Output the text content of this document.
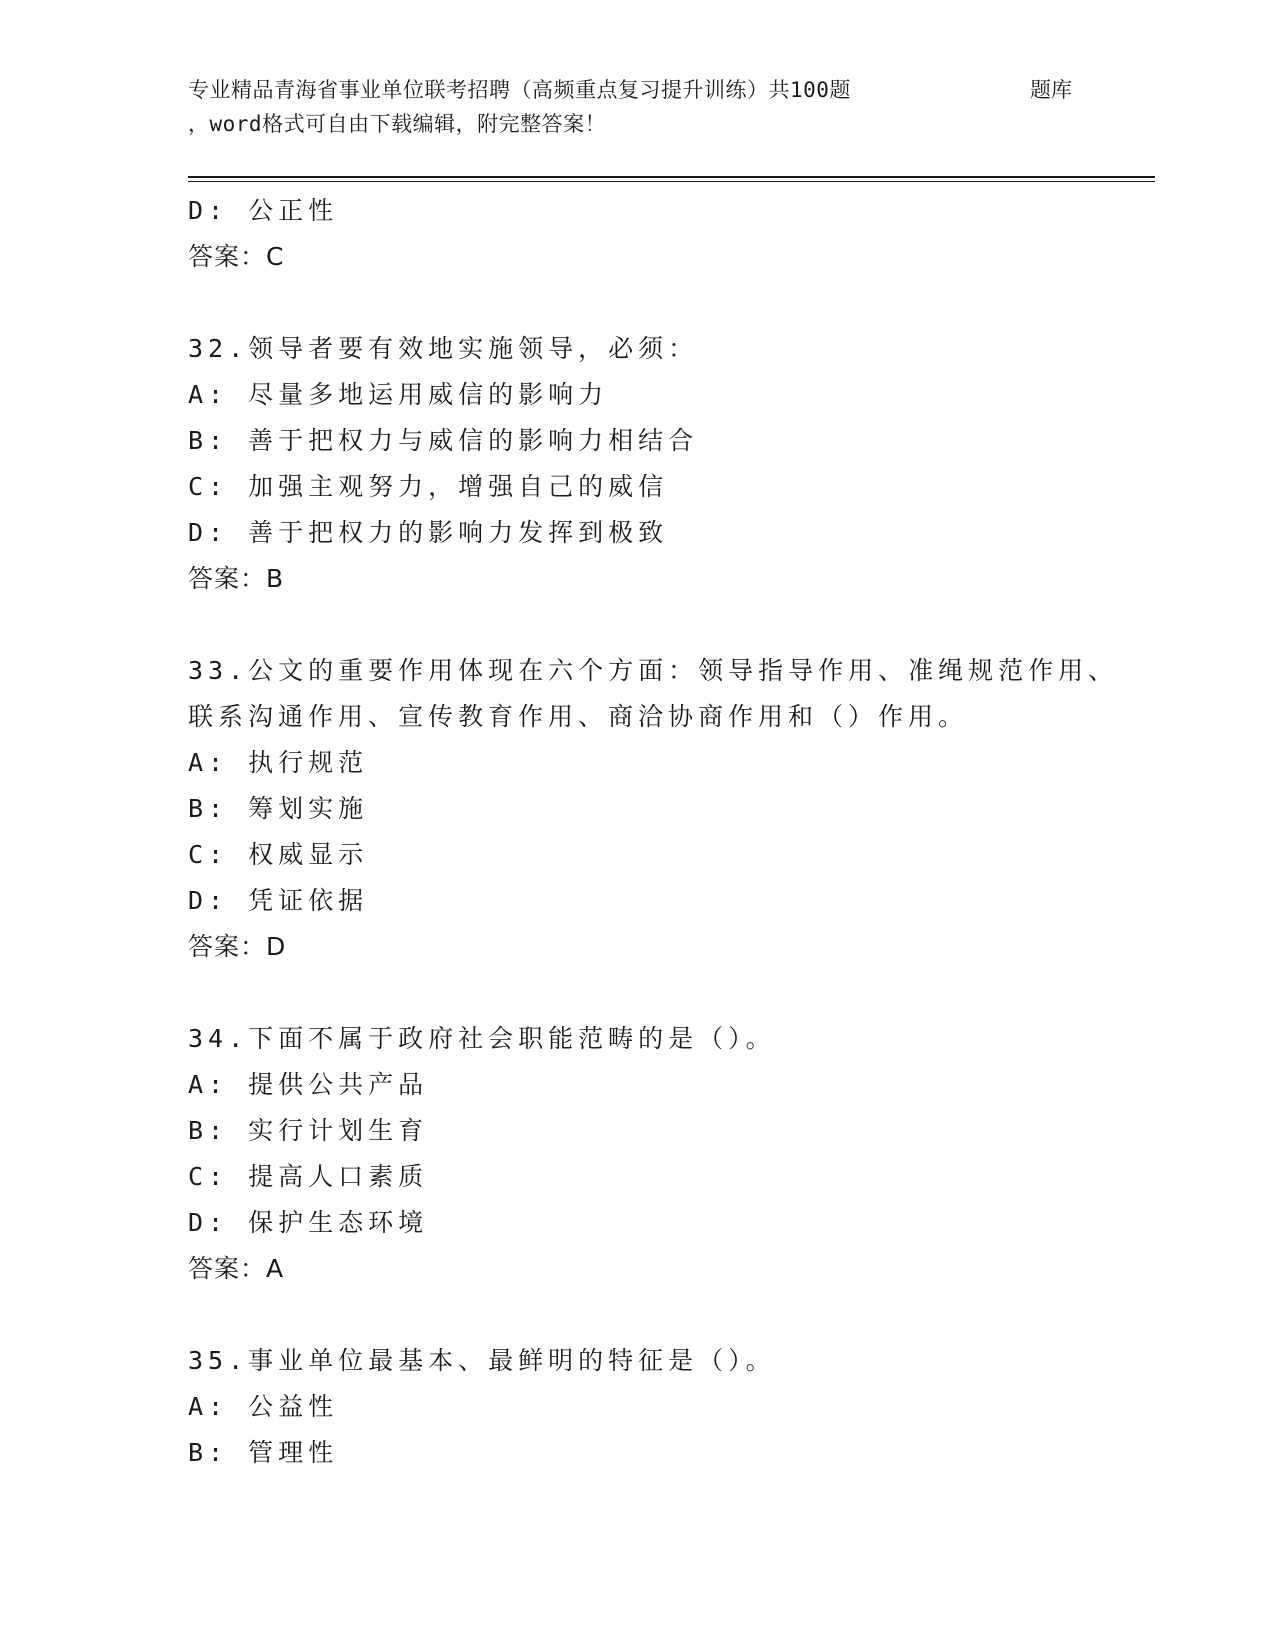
专业精品青海省事业单位联考招聘（高频重点复习提升训练）共100题	题库
，word格式可自由下载编辑，附完整答案！
D: 公正性
答案：C
32.领导者要有效地实施领导，必须：
A: 尽量多地运用威信的影响力
B: 善于把权力与威信的影响力相结合
C: 加强主观努力，增强自己的威信
D: 善于把权力的影响力发挥到极致
答案：B
33.公文的重要作用体现在六个方面：领导指导作用、准绳规范作用、
联系沟通作用、宣传教育作用、商洽协商作用和（）作用。
A: 执行规范
B: 筹划实施
C: 权威显示
D: 凭证依据
答案：D
34.下面不属于政府社会职能范畴的是（）。
A: 提供公共产品
B: 实行计划生育
C: 提高人口素质
D: 保护生态环境
答案：A
35.事业单位最基本、最鲜明的特征是（）。
A: 公益性
B: 管理性
